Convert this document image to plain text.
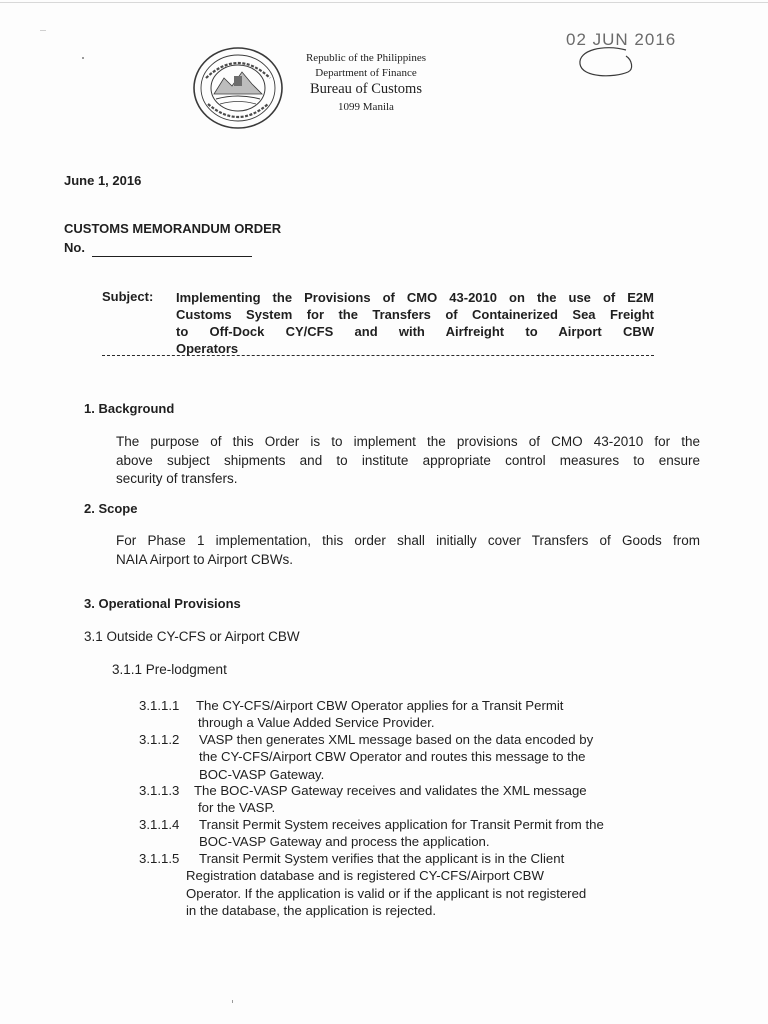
Republic of the Philippines
Department of Finance
Bureau of Customs
1099 Manila
02 JUN 2016
June 1, 2016
CUSTOMS MEMORANDUM ORDER
No.
Subject: Implementing the Provisions of CMO 43-2010 on the use of E2M
Customs System for the Transfers of Containerized Sea Freight
to Off-Dock CY/CFS and with Airfreight to Airport CBW
Operators
1. Background
The purpose of this Order is to implement the provisions of CMO 43-2010 for the
above subject shipments and to institute appropriate control measures to ensure
security of transfers.
2. Scope
For Phase 1 implementation, this order shall initially cover Transfers of Goods from
NAIA Airport to Airport CBWs.
3. Operational Provisions
3.1 Outside CY-CFS or Airport CBW
3.1.1 Pre-lodgment
3.1.1.1	The CY-CFS/Airport CBW Operator applies for a Transit Permit
through a Value Added Service Provider.
3.1.1.2	VASP then generates XML message based on the data encoded by
the CY-CFS/Airport CBW Operator and routes this message to the
BOC-VASP Gateway.
3.1.1.3	The BOC-VASP Gateway receives and validates the XML message
for the VASP.
3.1.1.4	Transit Permit System receives application for Transit Permit from the
BOC-VASP Gateway and process the application.
3.1.1.5	Transit Permit System verifies that the applicant is in the Client
Registration database and is registered CY-CFS/Airport CBW
Operator. If the application is valid or if the applicant is not registered
in the database, the application is rejected.
